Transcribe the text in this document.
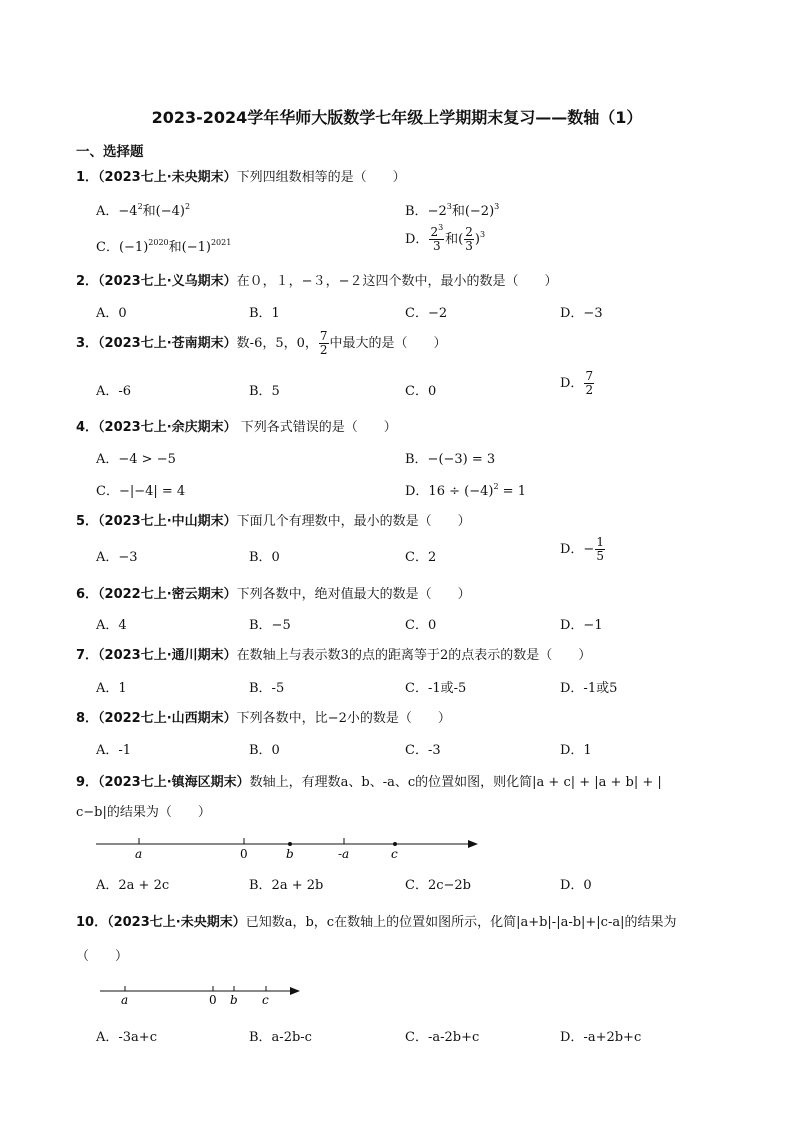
2023-2024学年华师大版数学七年级上学期期末复习——数轴（1）
一、选择题
1．（2023七上·未央期末）下列四组数相等的是（　　）
A．$-4^2$和$(-4)^2$	B．$-2^3$和$(-2)^3$
C．$(-1)^{2020}$和$(-1)^{2021}$	D． $\frac{2^3}{3}$ 和( $\frac{2}{3} )^3$
2．（2023七上·义乌期末）在０，１，−３，−２这四个数中，最小的数是（　　）
A．0	B．1	C．−2	D．−3
3．（2023七上·苍南期末）数-6，5，0， $\frac{7}{2}$ 中最大的是（　　）
A．-6	B．5	C．0
D． $\frac{7}{2}$
4．（2023七上·余庆期末） 下列各式错误的是（　　）
A．−4 > −5	B．−(−3) = 3
C．−|−4| = 4	D．$16 \div (-4)^2 = 1$
5．（2023七上·中山期末）下面几个有理数中，最小的数是（　　）
A．−3	B．0	C．2
D．− $\frac{1}{5}$
6．（2022七上·密云期末）下列各数中，绝对值最大的数是（　　）
A．4	B．−5	C．0	D．−1
7．（2023七上·通川期末）在数轴上与表示数3的点的距离等于2的点表示的数是（　　）
A．1	B．-5	C．-1或-5	D．-1或5
8．（2022七上·山西期末）下列各数中，比−2小的数是（　　）
A．-1	B．0	C．-3	D．1
9．（2023七上·镇海区期末）数轴上，有理数a、b、-a、c的位置如图，则化简|a + c| + |a + b| + |
c−b|的结果为（　　）
a	0	b	-a	c
A．2a + 2c	B．2a + 2b	C．2c−2b	D．0
10．（2023七上·未央期末）已知数a，b，c在数轴上的位置如图所示，化简|a+b|-|a-b|+|c-a|的结果为
（　　）
a	0 b c
A．-3a+c	B．a-2b-c	C．-a-2b+c	D．-a+2b+c
